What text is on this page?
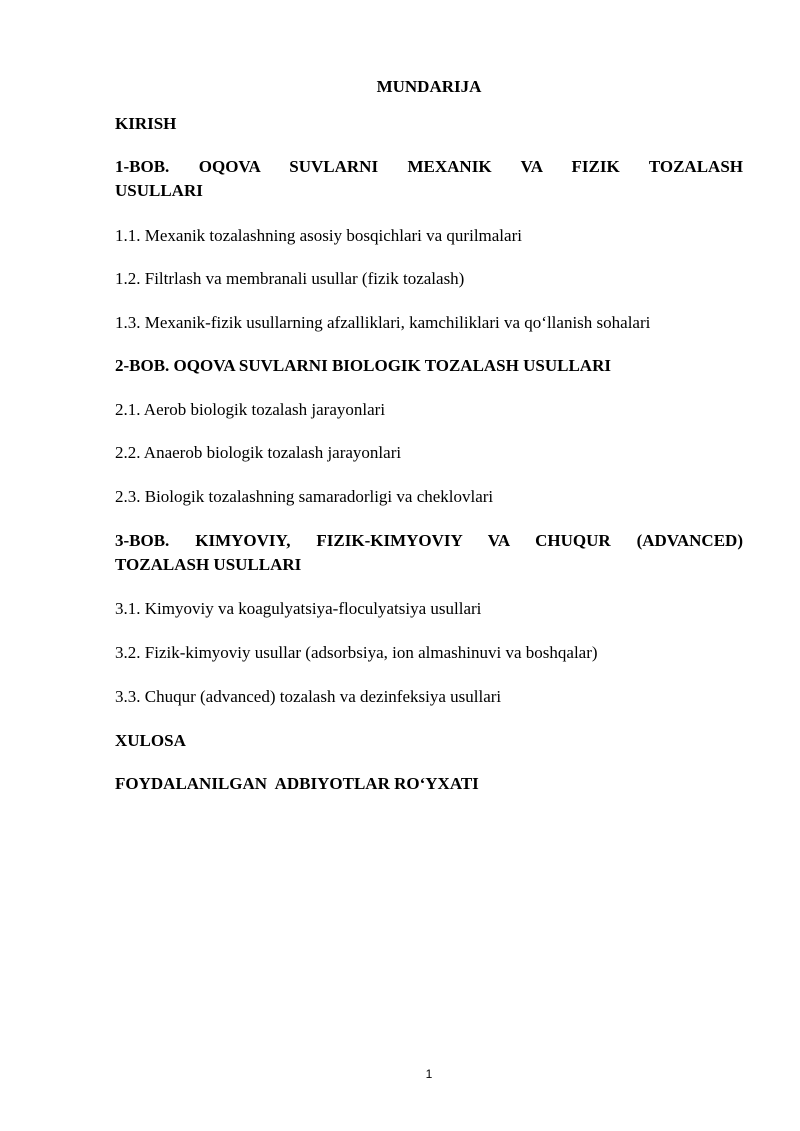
MUNDARIJA

KIRISH

1-BOB. OQOVA SUVLARNI MEXANIK VA FIZIK TOZALASH
USULLARI

1.1. Mexanik tozalashning asosiy bosqichlari va qurilmalari

1.2. Filtrlash va membranali usullar (fizik tozalash)

1.3. Mexanik-fizik usullarning afzalliklari, kamchiliklari va qo‘llanish sohalari

2-BOB. OQOVA SUVLARNI BIOLOGIK TOZALASH USULLARI

2.1. Aerob biologik tozalash jarayonlari

2.2. Anaerob biologik tozalash jarayonlari

2.3. Biologik tozalashning samaradorligi va cheklovlari

3-BOB. KIMYOVIY, FIZIK-KIMYOVIY VA CHUQUR (ADVANCED)
TOZALASH USULLARI

3.1. Kimyoviy va koagulyatsiya-floculyatsiya usullari

3.2. Fizik-kimyoviy usullar (adsorbsiya, ion almashinuvi va boshqalar)

3.3. Chuqur (advanced) tozalash va dezinfeksiya usullari

XULOSA

FOYDALANILGAN  ADBIYOTLAR RO‘YXATI

1
